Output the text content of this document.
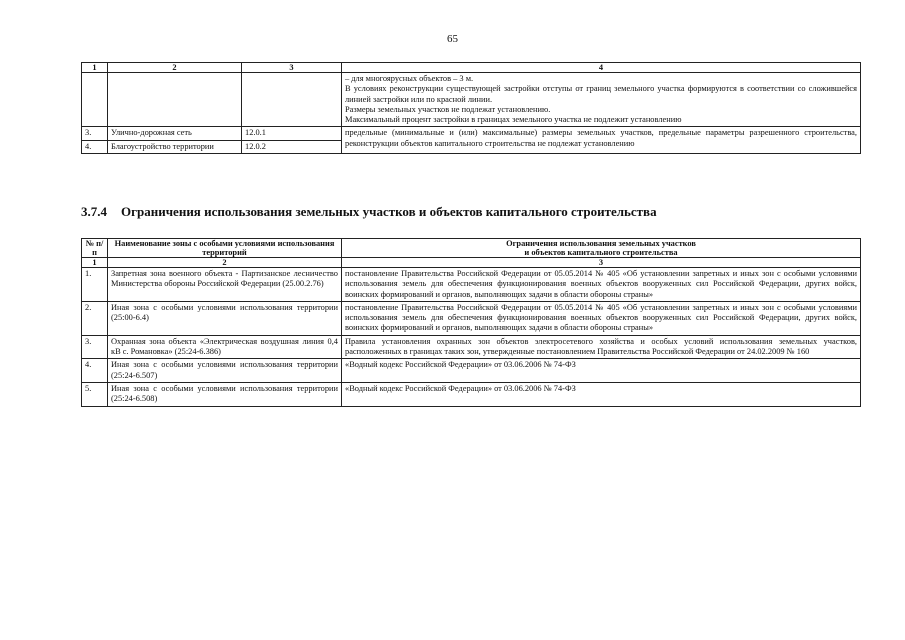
65
1	2	3	4

			– для многоярусных объектов – 3 м.
В условиях реконструкции существующей застройки отступы от границ земельного участка формируются в соответствии со сложившейся линией застройки или по красной линии.
Размеры земельных участков не подлежат установлению.
Максимальный процент застройки в границах земельного участка не подлежит установлению

3.	Улично-дорожная сеть	12.0.1	предельные (минимальные и (или) максимальные) размеры земельных участков, предельные параметры разрешенного строительства, реконструкции объектов капитального строительства не подлежат установлению
4.	Благоустройство территории	12.0.2	
3.7.4 Ограничения использования земельных участков и объектов капитального строительства
№ п/п	Наименование зоны с особыми условиями использования территорий	Ограничения использования земельных участков
и объектов капитального строительства

1	2	3
1.	Запретная зона военного объекта - Партизанское лесничество Министерства обороны Российской Федерации (25.00.2.76)	постановление Правительства Российской Федерации от 05.05.2014 № 405 «Об установлении запретных и иных зон с особыми условиями использования земель для обеспечения функционирования военных объектов вооруженных сил Российской Федерации, других войск, воинских формирований и органов, выполняющих задачи в области обороны страны»
2.	Иная зона с особыми условиями использования территории (25:00-6.4)	постановление Правительства Российской Федерации от 05.05.2014 № 405 «Об установлении запретных и иных зон с особыми условиями использования земель для обеспечения функционирования военных объектов вооруженных сил Российской Федерации, других войск, воинских формирований и органов, выполняющих задачи в области обороны страны»
3.	Охранная зона объекта «Электрическая воздушная линия 0,4 кВ с. Романовка» (25:24-6.386)	Правила установления охранных зон объектов электросетевого хозяйства и особых условий использования земельных участков, расположенных в границах таких зон, утвержденные постановлением Правительства Российской Федерации от 24.02.2009 № 160
4.	Иная зона с особыми условиями использования территории (25:24-6.507)	«Водный кодекс Российской Федерации» от 03.06.2006 № 74-ФЗ
5.	Иная зона с особыми условиями использования территории (25:24-6.508)	«Водный кодекс Российской Федерации» от 03.06.2006 № 74-ФЗ
